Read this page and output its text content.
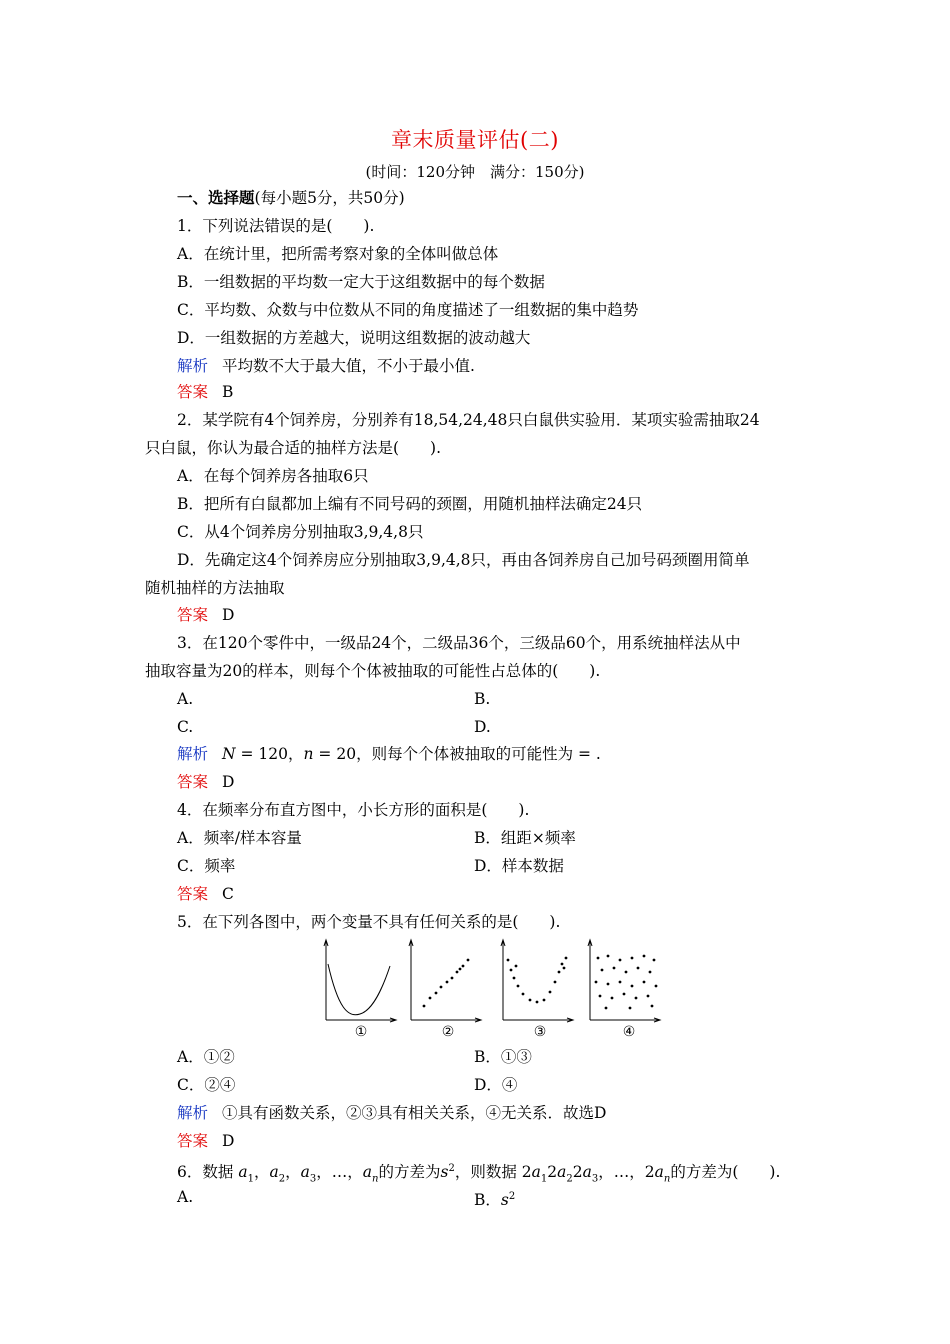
章末质量评估(二)
(时间：120分钟　满分：150分)
一、选择题(每小题5分，共50分)
1．下列说法错误的是(　　).
A．在统计里，把所需考察对象的全体叫做总体
B．一组数据的平均数一定大于这组数据中的每个数据
C．平均数、众数与中位数从不同的角度描述了一组数据的集中趋势
D．一组数据的方差越大，说明这组数据的波动越大
解析 平均数不大于最大值，不小于最小值.
答案 B
2．某学院有4个饲养房，分别养有18,54,24,48只白鼠供实验用．某项实验需抽取24
只白鼠，你认为最合适的抽样方法是(　　).
A．在每个饲养房各抽取6只
B．把所有白鼠都加上编有不同号码的颈圈，用随机抽样法确定24只
C．从4个饲养房分别抽取3,9,4,8只
D．先确定这4个饲养房应分别抽取3,9,4,8只，再由各饲养房自己加号码颈圈用简单
随机抽样的方法抽取
答案 D
3．在120个零件中，一级品24个，二级品36个，三级品60个，用系统抽样法从中
抽取容量为20的样本，则每个个体被抽取的可能性占总体的(　　).
A.	B.
C.	D.
解析 N = 120，n = 20，则每个个体被抽取的可能性为 = .
答案 D
4．在频率分布直方图中，小长方形的面积是(　　).
A．频率/样本容量	B．组距×频率
C．频率	D．样本数据
答案 C
5．在下列各图中，两个变量不具有任何关系的是(　　).
①	②	③	④
A．①②	B．①③
C．②④	D．④
解析 ①具有函数关系，②③具有相关关系，④无关系．故选D
答案 D
6．数据 $a_1$，$a_2$，$a_3$，…，$a_n$的方差为$s^2$，则数据 $2a_12a_22a_3$，…，$2a_n$的方差为(　　).
A.	B．$s^2$
